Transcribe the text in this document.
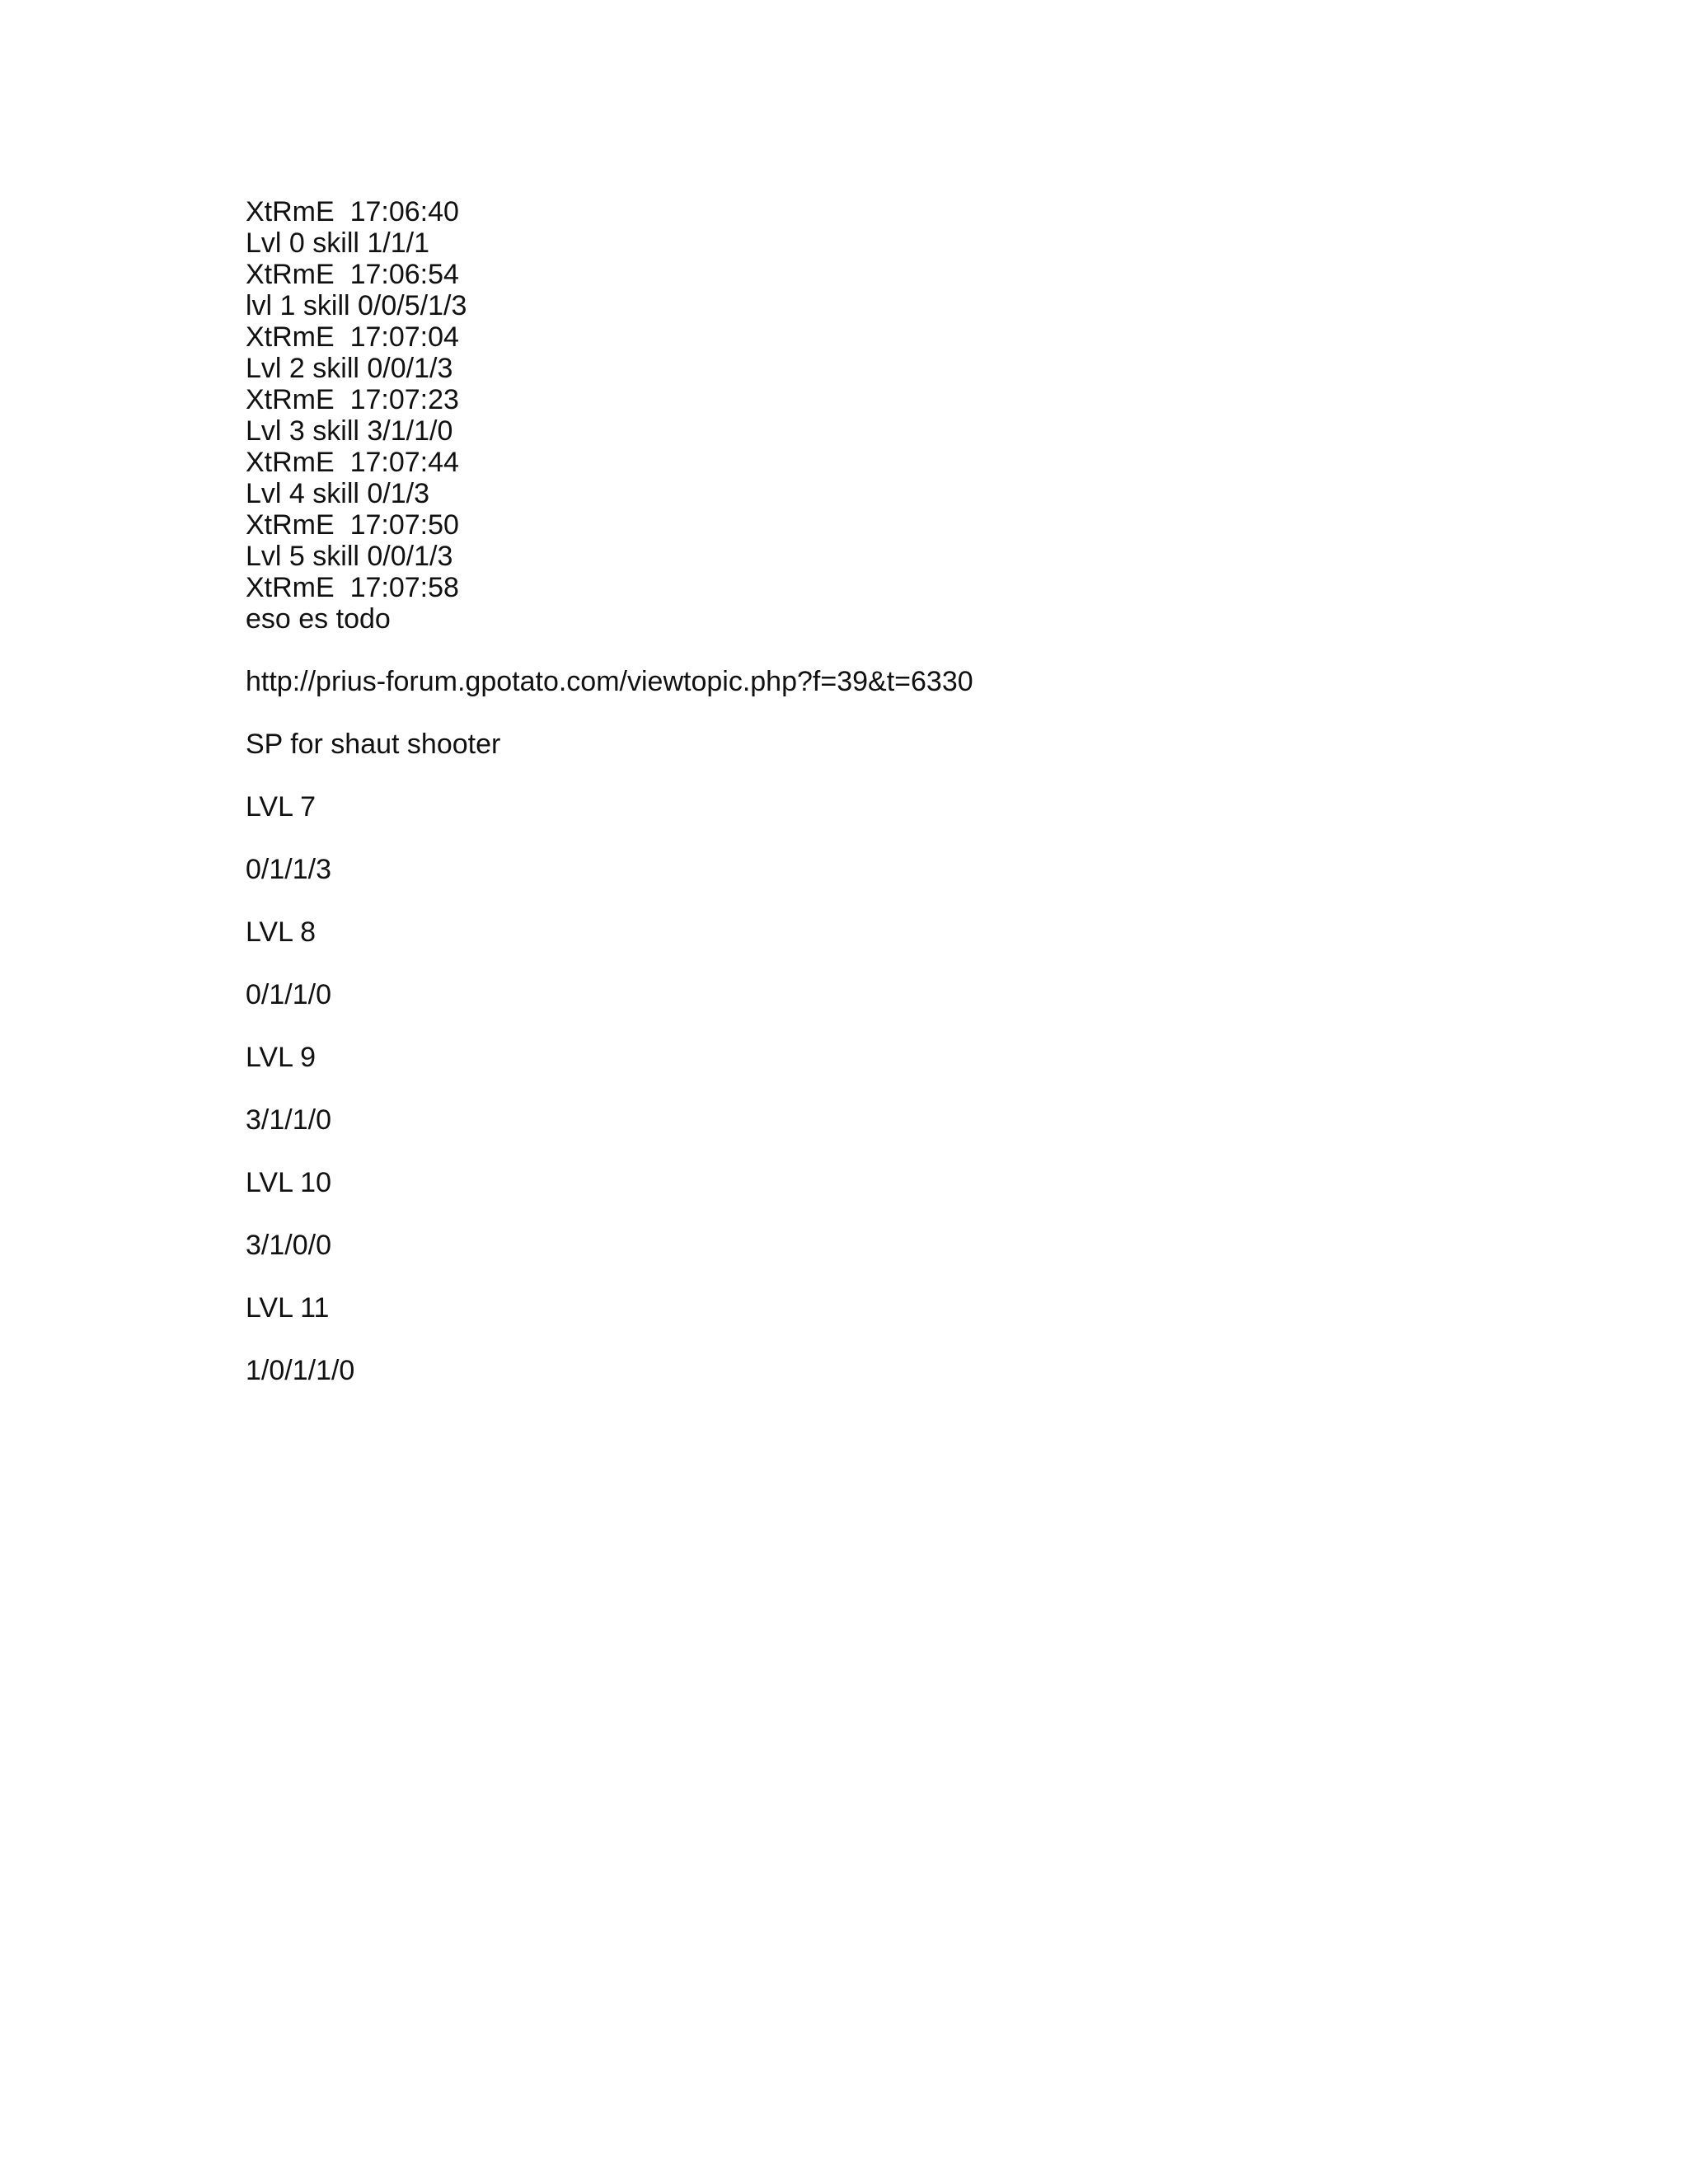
XtRmE  17:06:40
Lvl 0 skill 1/1/1
XtRmE  17:06:54
lvl 1 skill 0/0/5/1/3
XtRmE  17:07:04
Lvl 2 skill 0/0/1/3
XtRmE  17:07:23
Lvl 3 skill 3/1/1/0
XtRmE  17:07:44
Lvl 4 skill 0/1/3
XtRmE  17:07:50
Lvl 5 skill 0/0/1/3
XtRmE  17:07:58
eso es todo
http://prius-forum.gpotato.com/viewtopic.php?f=39&t=6330
SP for shaut shooter
LVL 7
0/1/1/3
LVL 8
0/1/1/0
LVL 9
3/1/1/0
LVL 10
3/1/0/0
LVL 11
1/0/1/1/0
